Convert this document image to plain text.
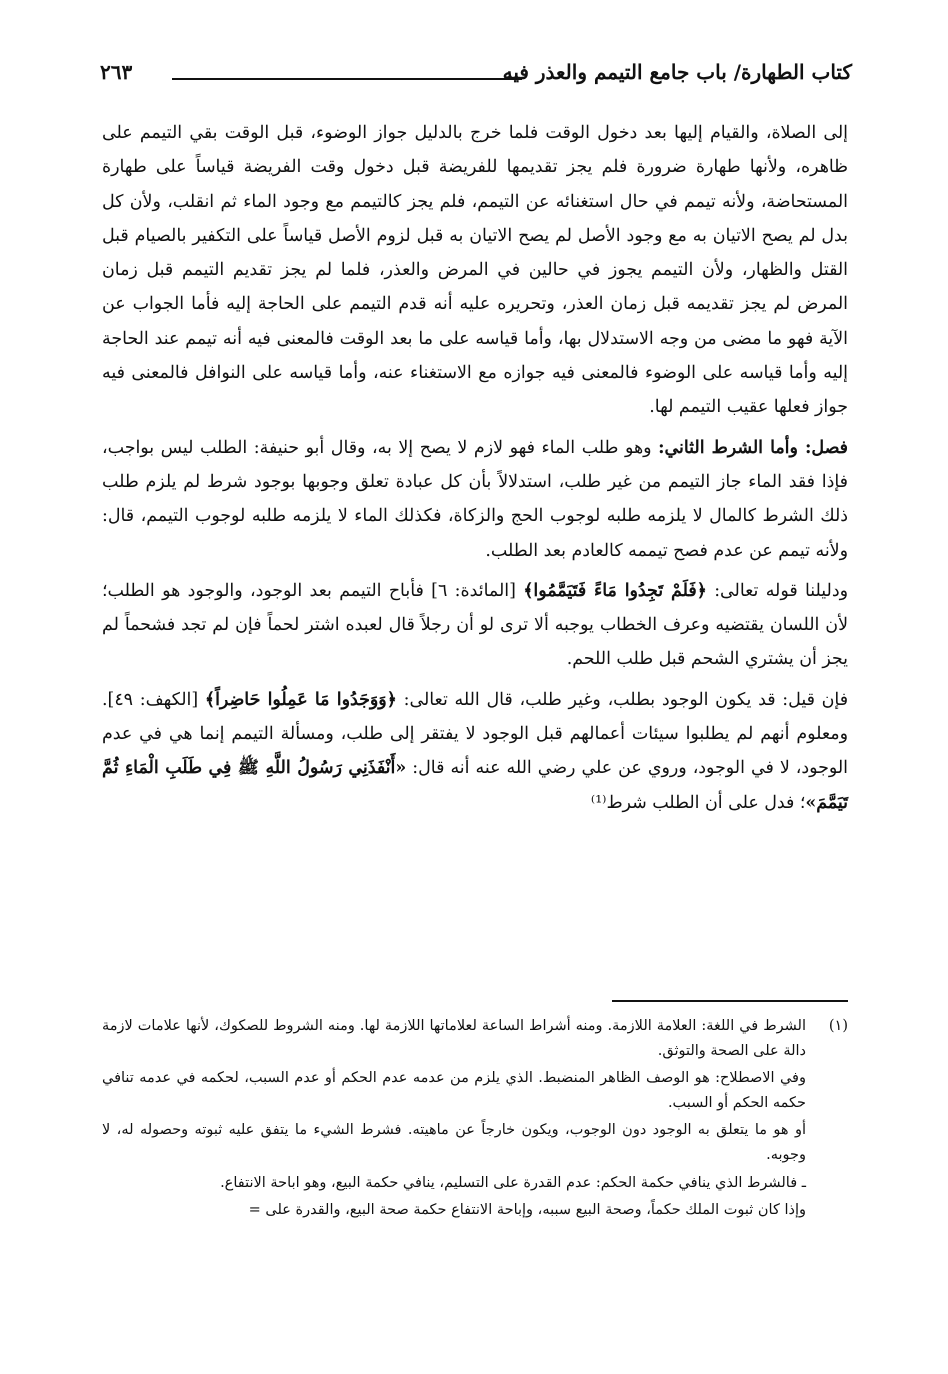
كتاب الطهارة/ باب جامع التيمم والعذر فيه
٢٦٣

إلى الصلاة، والقيام إليها بعد دخول الوقت فلما خرج بالدليل جواز الوضوء، قبل الوقت بقي التيمم على ظاهره، ولأنها طهارة ضرورة فلم يجز تقديمها للفريضة قبل دخول وقت الفريضة قياساً على طهارة المستحاضة، ولأنه تيمم في حال استغنائه عن التيمم، فلم يجز كالتيمم مع وجود الماء ثم انقلب، ولأن كل بدل لم يصح الاتيان به مع وجود الأصل لم يصح الاتيان به قبل لزوم الأصل قياساً على التكفير بالصيام قبل القتل والظهار، ولأن التيمم يجوز في حالين في المرض والعذر، فلما لم يجز تقديم التيمم قبل زمان المرض لم يجز تقديمه قبل زمان العذر، وتحريره عليه أنه قدم التيمم على الحاجة إليه فأما الجواب عن الآية فهو ما مضى من وجه الاستدلال بها، وأما قياسه على ما بعد الوقت فالمعنى فيه أنه تيمم عند الحاجة إليه وأما قياسه على الوضوء فالمعنى فيه جوازه مع الاستغناء عنه، وأما قياسه على النوافل فالمعنى فيه جواز فعلها عقيب التيمم لها.

فصل: وأما الشرط الثاني: وهو طلب الماء فهو لازم لا يصح إلا به، وقال أبو حنيفة: الطلب ليس بواجب، فإذا فقد الماء جاز التيمم من غير طلب، استدلالاً بأن كل عبادة تعلق وجوبها بوجود شرط لم يلزم طلب ذلك الشرط كالمال لا يلزمه طلبه لوجوب الحج والزكاة، فكذلك الماء لا يلزمه طلبه لوجوب التيمم، قال: ولأنه تيمم عن عدم فصح تيممه كالعادم بعد الطلب.

ودليلنا قوله تعالى: ﴿فَلَمْ تَجِدُوا مَاءً فَتَيَمَّمُوا﴾ [المائدة: ٦] فأباح التيمم بعد الوجود، والوجود هو الطلب؛ لأن اللسان يقتضيه وعرف الخطاب يوجبه ألا ترى لو أن رجلاً قال لعبده اشتر لحماً فإن لم تجد فشحماً لم يجز أن يشتري الشحم قبل طلب اللحم.

فإن قيل: قد يكون الوجود بطلب، وغير طلب، قال الله تعالى: ﴿وَوَجَدُوا مَا عَمِلُوا حَاضِراً﴾ [الكهف: ٤٩]. ومعلوم أنهم لم يطلبوا سيئات أعمالهم قبل الوجود لا يفتقر إلى طلب، ومسألة التيمم إنما هي في عدم الوجود، لا في الوجود، وروي عن علي رضي الله عنه أنه قال: «أَنْفَذَنِي رَسُولُ اللَّهِ ﷺ فِي طَلَبِ الْمَاءِ ثُمَّ تَيَمَّمَ»؛ فدل على أن الطلب شرط⁽¹⁾

(١)

الشرط في اللغة: العلامة اللازمة. ومنه أشراط الساعة لعلاماتها اللازمة لها. ومنه الشروط للصكوك، لأنها علامات لازمة دالة على الصحة والتوثق.

وفي الاصطلاح: هو الوصف الظاهر المنضبط. الذي يلزم من عدمه عدم الحكم أو عدم السبب، لحكمه في عدمه تنافي حكمه الحكم أو السبب.

أو هو ما يتعلق به الوجود دون الوجوب، ويكون خارجاً عن ماهيته. فشرط الشيء ما يتفق عليه ثبوته وحصوله له، لا وجوبه.

ـ فالشرط الذي ينافي حكمة الحكم: عدم القدرة على التسليم، ينافي حكمة البيع، وهو اباحة الانتفاع.

وإذا كان ثبوت الملك حكماً، وصحة البيع سببه، وإباحة الانتفاع حكمة صحة البيع، والقدرة على =
